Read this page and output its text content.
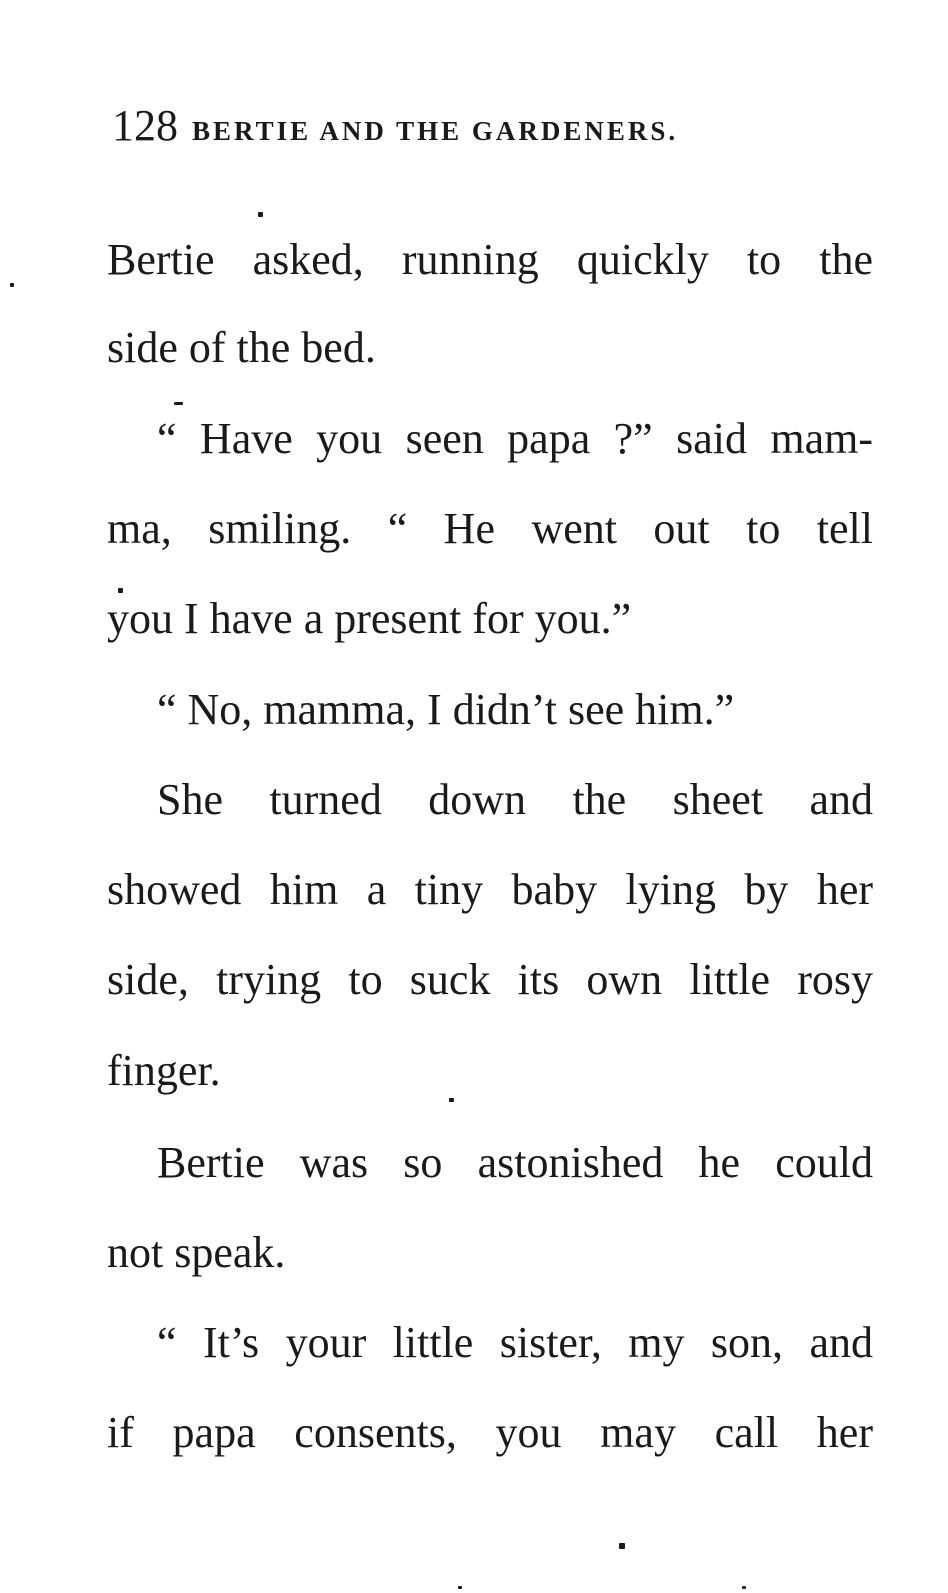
128 BERTIE AND THE GARDENERS.
Bertie asked, running quickly to the
side of the bed.
“ Have you seen papa ?” said mam-
ma, smiling. “ He went out to tell
you I have a present for you.”
“ No, mamma, I didn’t see him.”
She turned down the sheet and
showed him a tiny baby lying by her
side, trying to suck its own little rosy
finger.
Bertie was so astonished he could
not speak.
“ It’s your little sister, my son, and
if papa consents, you may call her
